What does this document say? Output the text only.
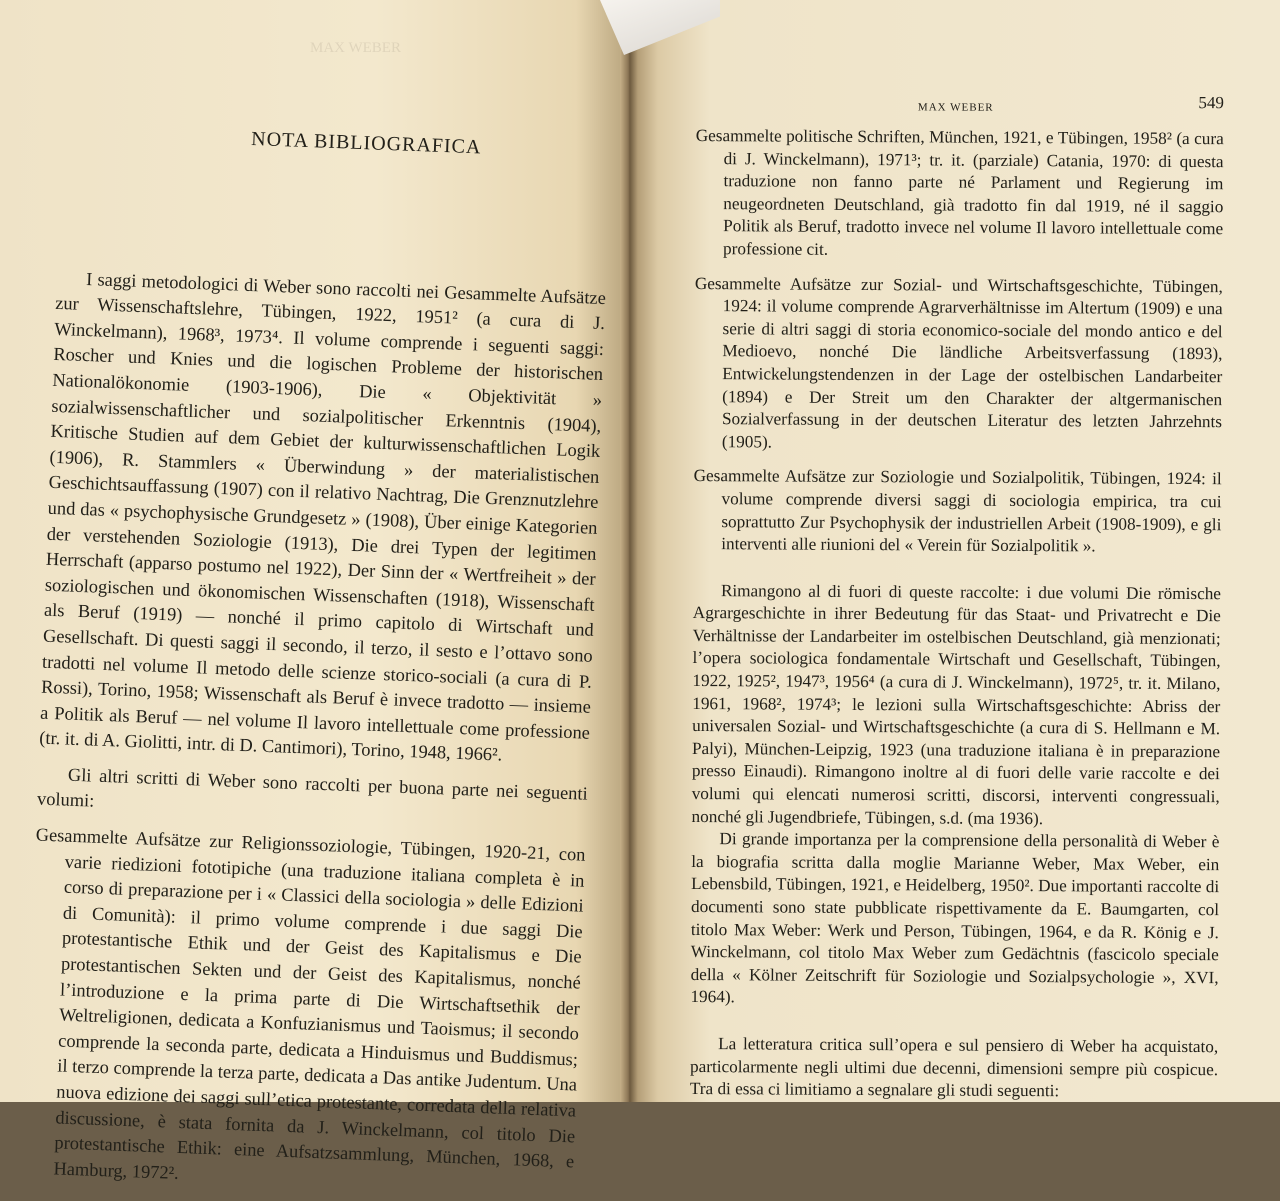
MAX WEBER
NOTA BIBLIOGRAFICA

I saggi metodologici di Weber sono raccolti nei Gesammelte Aufsätze zur Wissenschaftslehre, Tübingen, 1922, 1951² (a cura di J. Winckelmann), 1968³, 1973⁴. Il volume comprende i seguenti saggi: Roscher und Knies und die logischen Probleme der historischen Nationalökonomie (1903-1906), Die « Objektivität » sozialwissenschaftlicher und sozialpolitischer Erkenntnis (1904), Kritische Studien auf dem Gebiet der kulturwissenschaftlichen Logik (1906), R. Stammlers « Überwindung » der materialistischen Geschichtsauffassung (1907) con il relativo Nachtrag, Die Grenznutzlehre und das « psychophysische Grundgesetz » (1908), Über einige Kategorien der verstehenden Soziologie (1913), Die drei Typen der legitimen Herrschaft (apparso postumo nel 1922), Der Sinn der « Wertfreiheit » der soziologischen und ökonomischen Wissenschaften (1918), Wissenschaft als Beruf (1919) — nonché il primo capitolo di Wirtschaft und Gesellschaft. Di questi saggi il secondo, il terzo, il sesto e l’ottavo sono tradotti nel volume Il metodo delle scienze storico-sociali (a cura di P. Rossi), Torino, 1958; Wissenschaft als Beruf è invece tradotto — insieme a Politik als Beruf — nel volume Il lavoro intellettuale come professione (tr. it. di A. Giolitti, intr. di D. Cantimori), Torino, 1948, 1966².

Gli altri scritti di Weber sono raccolti per buona parte nei seguenti volumi:

Gesammelte Aufsätze zur Religionssoziologie, Tübingen, 1920-21, con varie riedizioni fototipiche (una traduzione italiana completa è in corso di preparazione per i « Classici della sociologia » delle Edizioni di Comunità): il primo volume comprende i due saggi Die protestantische Ethik und der Geist des Kapitalismus e Die protestantischen Sekten und der Geist des Kapitalismus, nonché l’introduzione e la prima parte di Die Wirtschaftsethik der Weltreligionen, dedicata a Konfuzianismus und Taoismus; il secondo comprende la seconda parte, dedicata a Hinduismus und Buddismus; il terzo comprende la terza parte, dedicata a Das antike Judentum. Una nuova edizione dei saggi sull’etica protestante, corredata della relativa discussione, è stata fornita da J. Winckelmann, col titolo Die protestantische Ethik: eine Aufsatzsammlung, München, 1968, e Hamburg, 1972².

MAX WEBER	549

Gesammelte politische Schriften, München, 1921, e Tübingen, 1958² (a cura di J. Winckelmann), 1971³; tr. it. (parziale) Catania, 1970: di questa traduzione non fanno parte né Parlament und Regierung im neugeordneten Deutschland, già tradotto fin dal 1919, né il saggio Politik als Beruf, tradotto invece nel volume Il lavoro intellettuale come professione cit.

Gesammelte Aufsätze zur Sozial- und Wirtschaftsgeschichte, Tübingen, 1924: il volume comprende Agrarverhältnisse im Altertum (1909) e una serie di altri saggi di storia economico-sociale del mondo antico e del Medioevo, nonché Die ländliche Arbeitsverfassung (1893), Entwickelungstendenzen in der Lage der ostelbischen Landarbeiter (1894) e Der Streit um den Charakter der altgermanischen Sozialverfassung in der deutschen Literatur des letzten Jahrzehnts (1905).

Gesammelte Aufsätze zur Soziologie und Sozialpolitik, Tübingen, 1924: il volume comprende diversi saggi di sociologia empirica, tra cui soprattutto Zur Psychophysik der industriellen Arbeit (1908-1909), e gli interventi alle riunioni del « Verein für Sozialpolitik ».

Rimangono al di fuori di queste raccolte: i due volumi Die römische Agrargeschichte in ihrer Bedeutung für das Staat- und Privatrecht e Die Verhältnisse der Landarbeiter im ostelbischen Deutschland, già menzionati; l’opera sociologica fondamentale Wirtschaft und Gesellschaft, Tübingen, 1922, 1925², 1947³, 1956⁴ (a cura di J. Winckelmann), 1972⁵, tr. it. Milano, 1961, 1968², 1974³; le lezioni sulla Wirtschaftsgeschichte: Abriss der universalen Sozial- und Wirtschaftsgeschichte (a cura di S. Hellmann e M. Palyi), München-Leipzig, 1923 (una traduzione italiana è in preparazione presso Einaudi). Rimangono inoltre al di fuori delle varie raccolte e dei volumi qui elencati numerosi scritti, discorsi, interventi congressuali, nonché gli Jugendbriefe, Tübingen, s.d. (ma 1936).

Di grande importanza per la comprensione della personalità di Weber è la biografia scritta dalla moglie Marianne Weber, Max Weber, ein Lebensbild, Tübingen, 1921, e Heidelberg, 1950². Due importanti raccolte di documenti sono state pubblicate rispettivamente da E. Baumgarten, col titolo Max Weber: Werk und Person, Tübingen, 1964, e da R. König e J. Winckelmann, col titolo Max Weber zum Gedächtnis (fascicolo speciale della « Kölner Zeitschrift für Soziologie und Sozialpsychologie », XVI, 1964).

La letteratura critica sull’opera e sul pensiero di Weber ha acquistato, particolarmente negli ultimi due decenni, dimensioni sempre più cospicue. Tra di essa ci limitiamo a segnalare gli studi seguenti:
